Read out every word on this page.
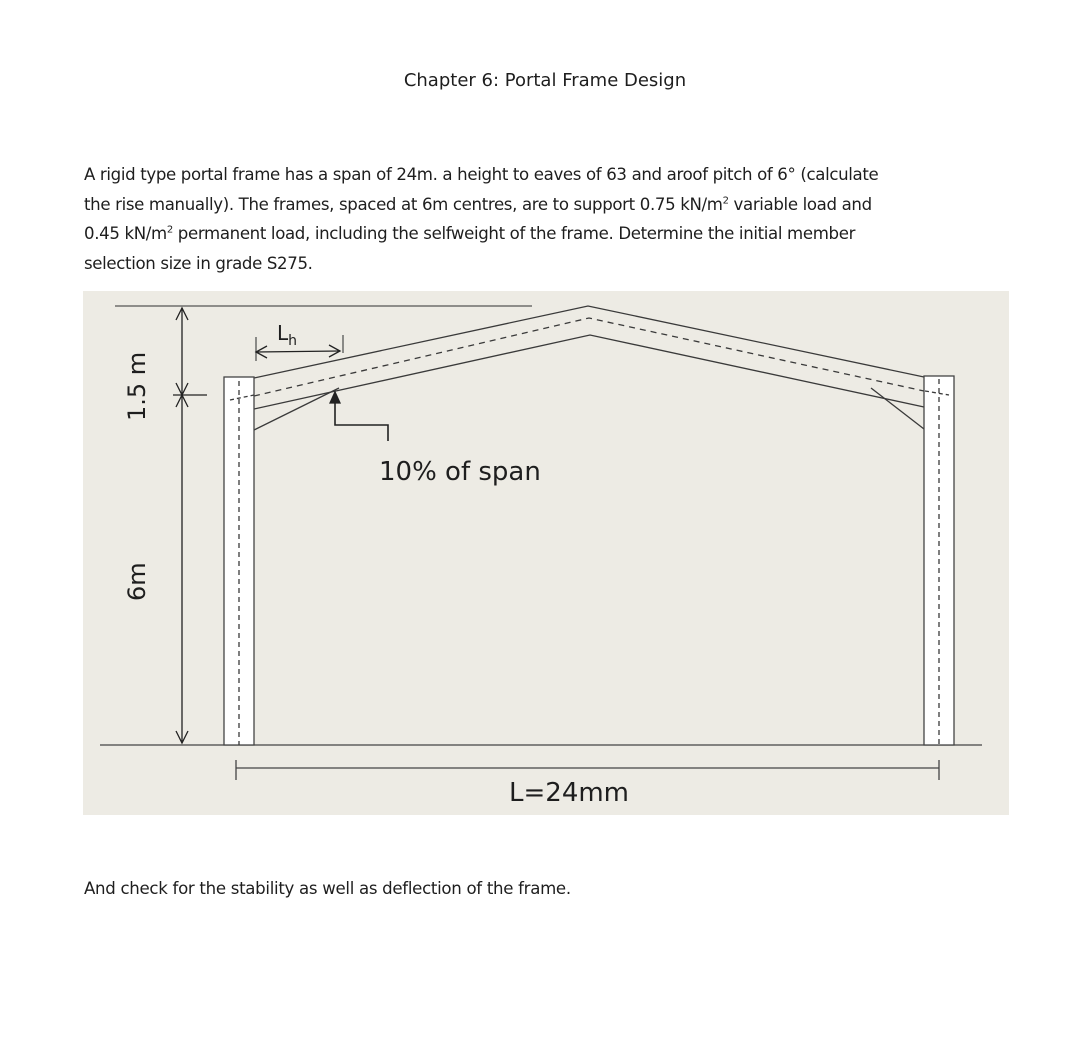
Chapter 6: Portal Frame Design
A rigid type portal frame has a span of 24m. a height to eaves of 63 and aroof pitch of 6° (calculate
the rise manually). The frames, spaced at 6m centres, are to support 0.75 $kN/m^2$ variable load and
0.45 $kN/m^2$ permanent load, including the selfweight of the frame. Determine the initial member
selection size in grade S275.
1.5 m
6m
$L_h$
10% of span
L=24mm
And check for the stability as well as deflection of the frame.
